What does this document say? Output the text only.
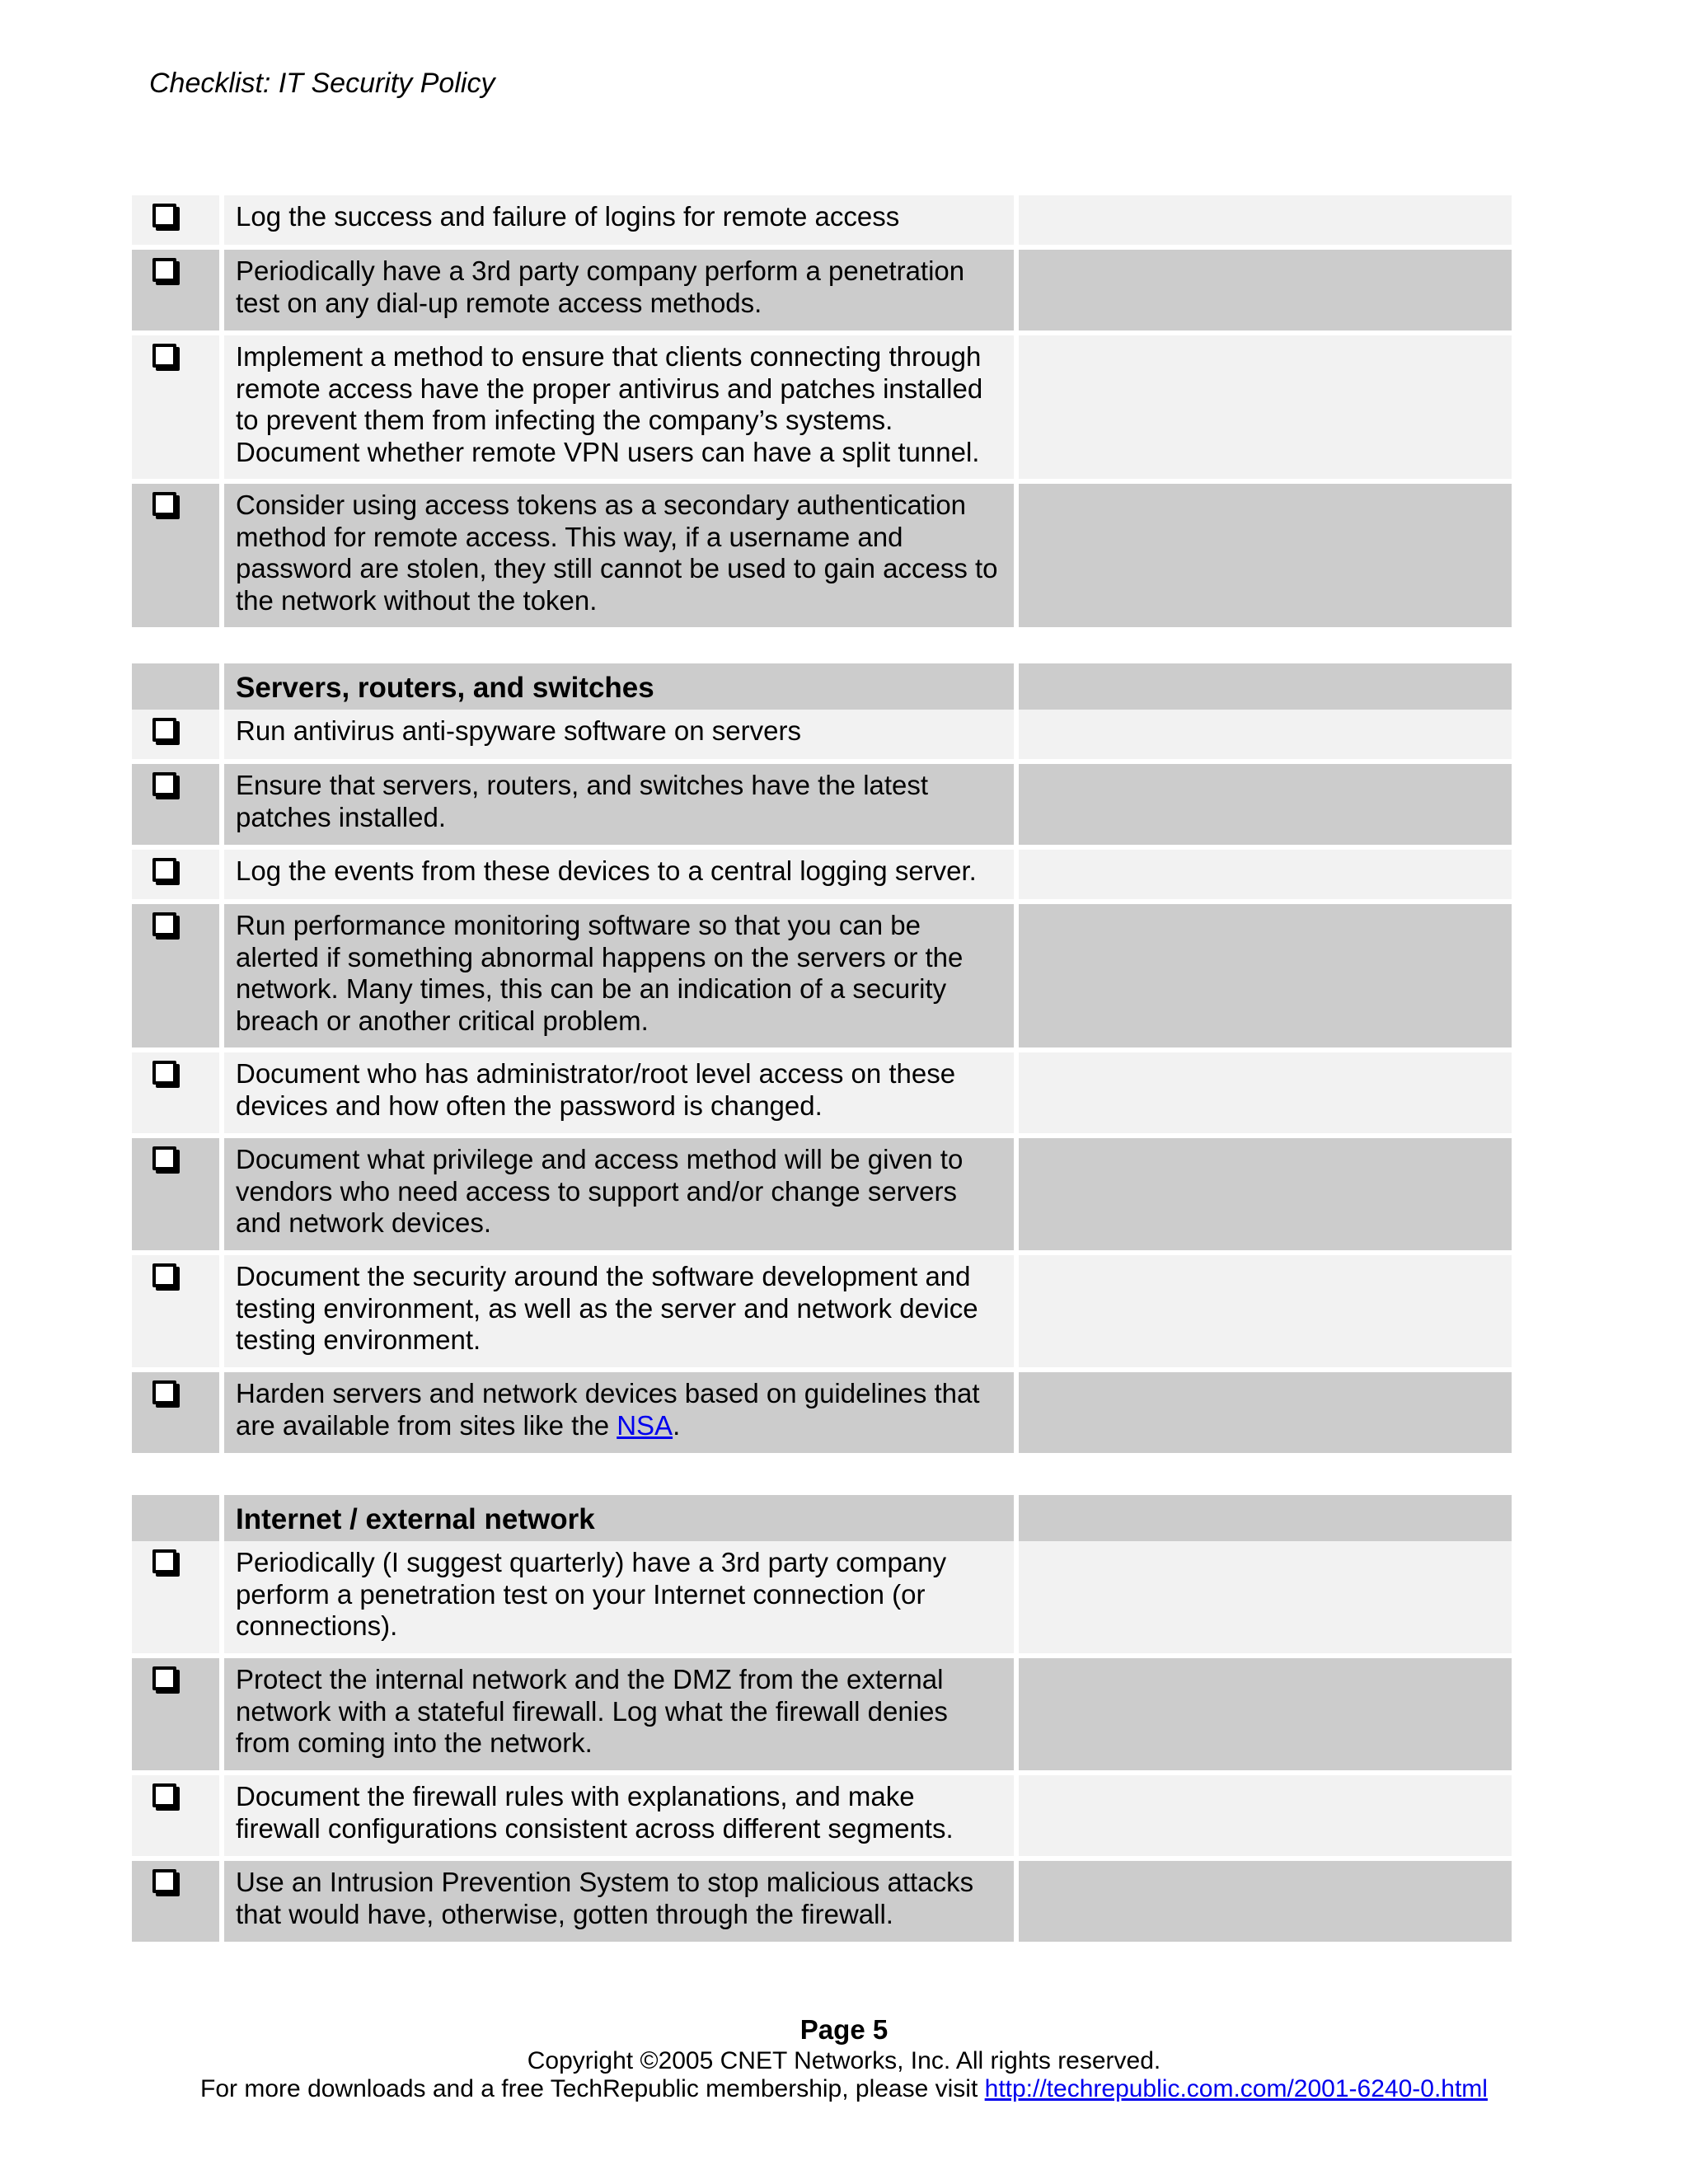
Checklist: IT Security Policy
Log the success and failure of logins for remote access
Periodically have a 3rd party company perform a penetration test on any dial-up remote access methods.
Implement a method to ensure that clients connecting through remote access have the proper antivirus and patches installed to prevent them from infecting the company’s systems. Document whether remote VPN users can have a split tunnel.
Consider using access tokens as a secondary authentication method for remote access. This way, if a username and password are stolen, they still cannot be used to gain access to the network without the token.
Servers, routers, and switches
Run antivirus anti-spyware software on servers
Ensure that servers, routers, and switches have the latest patches installed.
Log the events from these devices to a central logging server.
Run performance monitoring software so that you can be alerted if something abnormal happens on the servers or the network. Many times, this can be an indication of a security breach or another critical problem.
Document who has administrator/root level access on these devices and how often the password is changed.
Document what privilege and access method will be given to vendors who need access to support and/or change servers and network devices.
Document the security around the software development and testing environment, as well as the server and network device testing environment.
Harden servers and network devices based on guidelines that are available from sites like the NSA.
Internet / external network
Periodically (I suggest quarterly) have a 3rd party company perform a penetration test on your Internet connection (or connections).
Protect the internal network and the DMZ from the external network with a stateful firewall. Log what the firewall denies from coming into the network.
Document the firewall rules with explanations, and make firewall configurations consistent across different segments.
Use an Intrusion Prevention System to stop malicious attacks that would have, otherwise, gotten through the firewall.
Page 5
Copyright ©2005 CNET Networks, Inc. All rights reserved.
For more downloads and a free TechRepublic membership, please visit http://techrepublic.com.com/2001-6240-0.html
